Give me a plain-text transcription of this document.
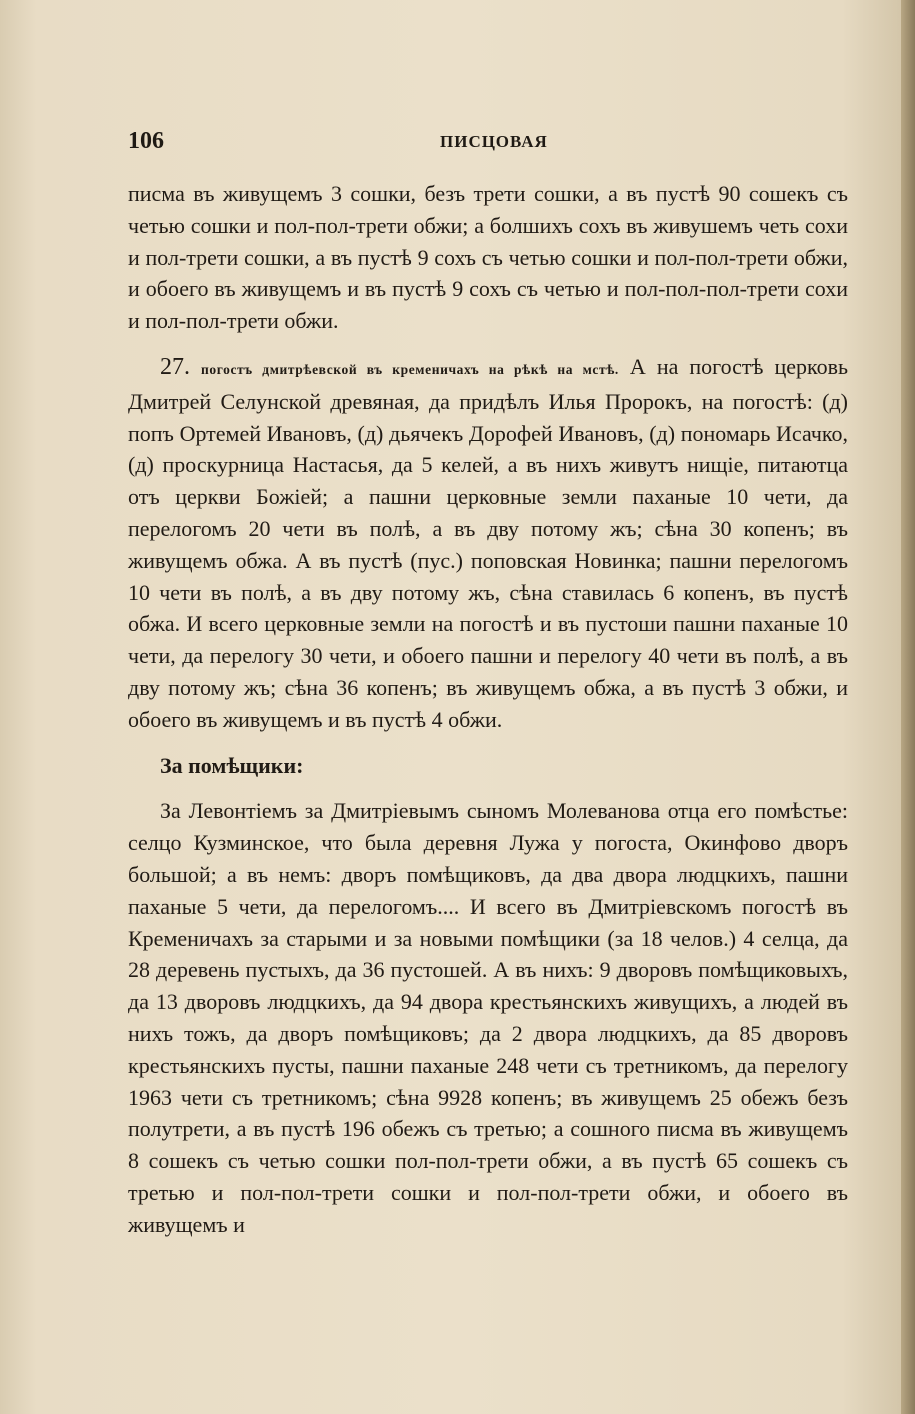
106	ПИСЦОВАЯ

писма въ живущемъ 3 сошки, безъ трети сошки, а въ пустѣ 90 сошекъ съ четью сошки и пол-пол-трети обжи; а болшихъ сохъ въ живушемъ четь сохи и пол-трети сошки, а въ пустѣ 9 сохъ съ четью сошки и пол-пол-трети обжи, и обоего въ живущемъ и въ пустѣ 9 сохъ съ четью и пол-пол-пол-трети сохи и пол-пол-трети обжи.

27. погостъ дмитрѣевской въ кременичахъ на рѣкѣ на мстѣ. А на погостѣ церковь Дмитрей Селунской древяная, да придѣлъ Илья Пророкъ, на погостѣ: (д) попъ Ортемей Ивановъ, (д) дьячекъ Дорофей Ивановъ, (д) пономарь Исачко, (д) проскурница Настасья, да 5 келей, а въ нихъ живутъ нищіе, питаютца отъ церкви Божіей; а пашни церковные земли паханые 10 чети, да перелогомъ 20 чети въ полѣ, а въ дву потому жъ; сѣна 30 копенъ; въ живущемъ обжа. А въ пустѣ (пус.) поповская Новинка; пашни перелогомъ 10 чети въ полѣ, а въ дву потому жъ, сѣна ставилась 6 копенъ, въ пустѣ обжа. И всего церковные земли на погостѣ и въ пустоши пашни паханые 10 чети, да перелогу 30 чети, и обоего пашни и перелогу 40 чети въ полѣ, а въ дву потому жъ; сѣна 36 копенъ; въ живущемъ обжа, а въ пустѣ 3 обжи, и обоего въ живущемъ и въ пустѣ 4 обжи.

За помѣщики:

За Левонтіемъ за Дмитріевымъ сыномъ Молеванова отца его помѣстье: селцо Кузминское, что была деревня Лужа у погоста, Окинфово дворъ большой; а въ немъ: дворъ помѣщиковъ, да два двора людцкихъ, пашни паханые 5 чети, да перелогомъ.... И всего въ Дмитріевскомъ погостѣ въ Кременичахъ за старыми и за новыми помѣщики (за 18 челов.) 4 селца, да 28 деревень пустыхъ, да 36 пустошей. А въ нихъ: 9 дворовъ помѣщиковыхъ, да 13 дворовъ людцкихъ, да 94 двора крестьянскихъ живущихъ, а людей въ нихъ тожъ, да дворъ помѣщиковъ; да 2 двора людцкихъ, да 85 дворовъ крестьянскихъ пусты, пашни паханые 248 чети съ третникомъ, да перелогу 1963 чети съ третникомъ; сѣна 9928 копенъ; въ живущемъ 25 обежъ безъ полутрети, а въ пустѣ 196 обежъ съ третью; а сошного писма въ живущемъ 8 сошекъ съ четью сошки пол-пол-трети обжи, а въ пустѣ 65 сошекъ съ третью и пол-пол-трети сошки и пол-пол-трети обжи, и обоего въ живущемъ и
